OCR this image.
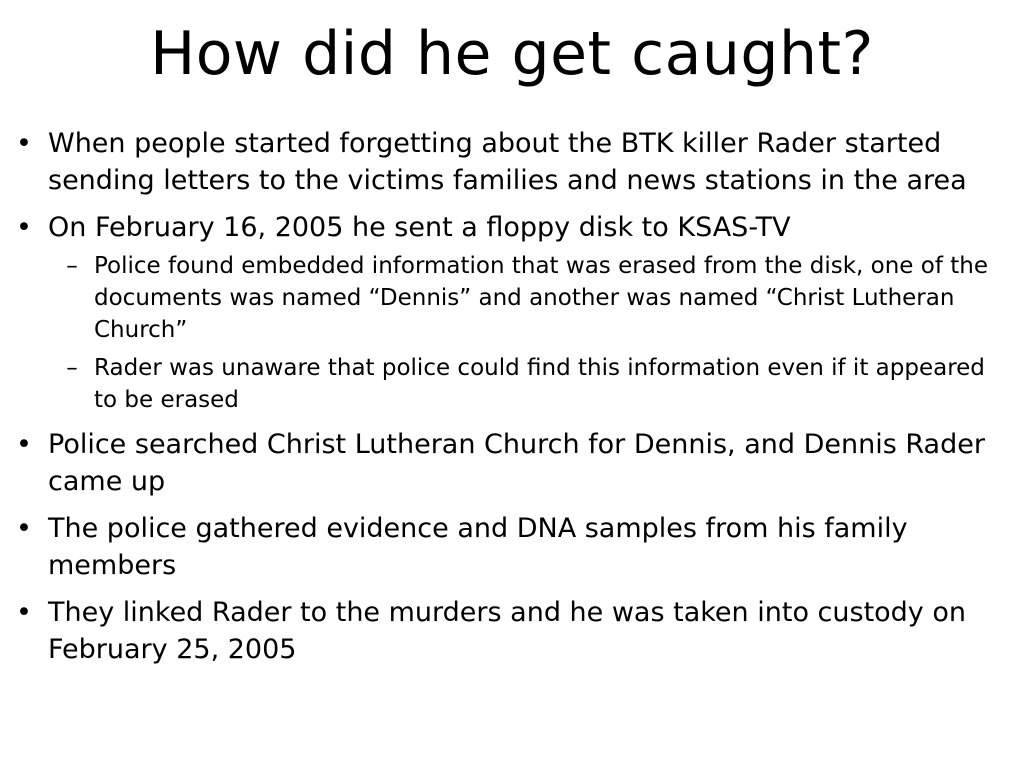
How did he get caught?
• When people started forgetting about the BTK killer Rader started sending letters to the victims families and news stations in the area
• On February 16, 2005 he sent a floppy disk to KSAS-TV
– Police found embedded information that was erased from the disk, one of the documents was named “Dennis” and another was named “Christ Lutheran Church”
– Rader was unaware that police could find this information even if it appeared to be erased
• Police searched Christ Lutheran Church for Dennis, and Dennis Rader came up
• The police gathered evidence and DNA samples from his family members
• They linked Rader to the murders and he was taken into custody on February 25, 2005
